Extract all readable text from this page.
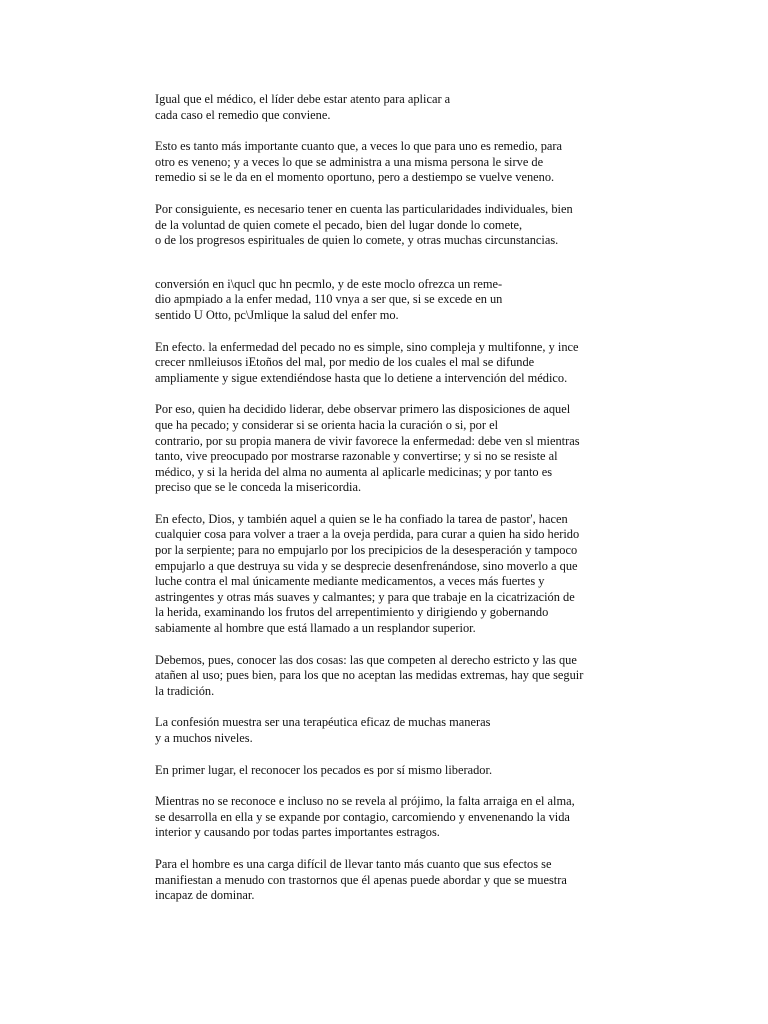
Igual que el médico, el líder debe estar atento para aplicar a
cada caso el remedio que conviene.

Esto es tanto más importante cuanto que, a veces lo que para uno es remedio, para
otro es veneno; y a veces lo que se administra a una misma persona le sirve de
remedio si se le da en el momento oportuno, pero a destiempo se vuelve veneno.

Por consiguiente, es necesario tener en cuenta las particularidades individuales, bien
de la voluntad de quien comete el pecado, bien del lugar donde lo comete,
o de los progresos espirituales de quien lo comete, y otras muchas circunstancias.

conversión en i\qucl quc hn pecmlo, y de este moclo ofrezca un reme-
dio apmpiado a la enfer medad, 110 vnya a ser que, si se excede en un
sentido U Otto, pc\Jmlique la salud del enfer mo.

En efecto. la enfermedad del pecado no es simple, sino compleja y multifonne, y ince
crecer nmlleiusos iEtoños del mal, por medio de los cuales el mal se difunde
ampliamente y sigue extendiéndose hasta que lo detiene a intervención del médico.

Por eso, quien ha decidido liderar, debe observar primero las disposiciones de aquel
que ha pecado; y considerar si se orienta hacia la curación o si, por el
contrario, por su propia manera de vivir favorece la enfermedad: debe ven sl mientras
tanto, vive preocupado por mostrarse razonable y convertirse; y si no se resiste al
médico, y si la herida del alma no aumenta al aplicarle medicinas; y por tanto es
preciso que se le conceda la misericordia.

En efecto, Dios, y también aquel a quien se le ha confiado la tarea de pastor', hacen
cualquier cosa para volver a traer a la oveja perdida, para curar a quien ha sido herido
por la serpiente; para no empujarlo por los precipicios de la desesperación y tampoco
empujarlo a que destruya su vida y se desprecie desenfrenándose, sino moverlo a que
luche contra el mal únicamente mediante medicamentos, a veces más fuertes y
astringentes y otras más suaves y calmantes; y para que trabaje en la cicatrización de
la herida, examinando los frutos del arrepentimiento y dirigiendo y gobernando
sabiamente al hombre que está llamado a un resplandor superior.

Debemos, pues, conocer las dos cosas: las que competen al derecho estricto y las que
atañen al uso; pues bien, para los que no aceptan las medidas extremas, hay que seguir
la tradición.

La confesión muestra ser una terapéutica eficaz de muchas maneras
y a muchos niveles.

En primer lugar, el reconocer los pecados es por sí mismo liberador.

Mientras no se reconoce e incluso no se revela al prójimo, la falta arraiga en el alma,
se desarrolla en ella y se expande por contagio, carcomiendo y envenenando la vida
interior y causando por todas partes importantes estragos.

Para el hombre es una carga difícil de llevar tanto más cuanto que sus efectos se
manifiestan a menudo con trastornos que él apenas puede abordar y que se muestra
incapaz de dominar.
